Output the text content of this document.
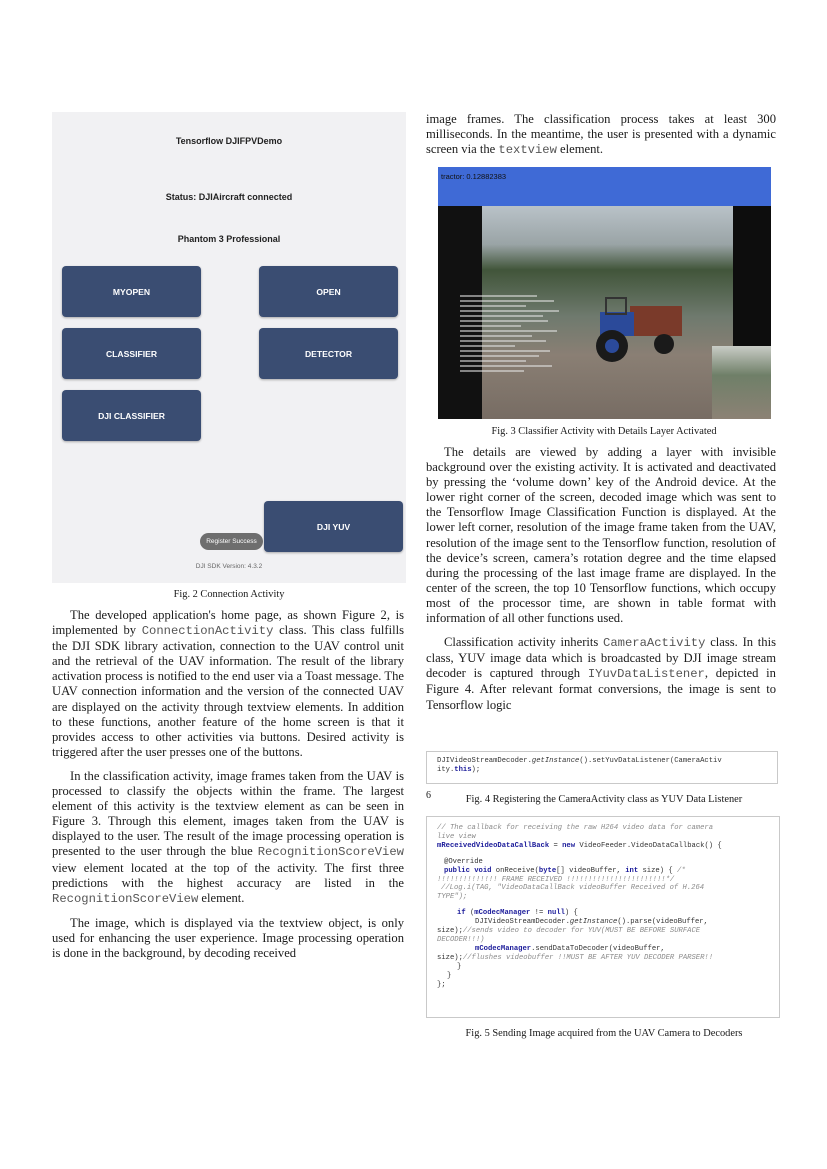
Tensorflow DJIFPVDemo
Status: DJIAircraft connected
Phantom 3 Professional
MYOPEN	OPEN
CLASSIFIER	DETECTOR
DJI CLASSIFIER
DJI YUV
Register Success
DJI SDK Version: 4.3.2
Fig. 2 Connection Activity

The developed application's home page, as shown Figure 2, is implemented by ConnectionActivity class. This class fulfills the DJI SDK library activation, connection to the UAV control unit and the retrieval of the UAV information. The result of the library activation process is notified to the end user via a Toast message. The UAV connection information and the version of the connected UAV are displayed on the activity through textview elements. In addition to these functions, another feature of the home screen is that it provides access to other activities via buttons. Desired activity is triggered after the user presses one of the buttons.

In the classification activity, image frames taken from the UAV is processed to classify the objects within the frame. The largest element of this activity is the textview element as can be seen in Figure 3. Through this element, images taken from the UAV is displayed to the user. The result of the image processing operation is presented to the user through the blue RecognitionScoreView view element located at the top of the activity. The first three predictions with the highest accuracy are listed in the RecognitionScoreView element.

The image, which is displayed via the textview object, is only used for enhancing the user experience. Image processing operation is done in the background, by decoding received

image frames. The classification process takes at least 300 milliseconds. In the meantime, the user is presented with a dynamic screen via the textview element.

tractor: 0.12882383
Fig. 3 Classifier Activity with Details Layer Activated

The details are viewed by adding a layer with invisible background over the existing activity. It is activated and deactivated by pressing the ‘volume down’ key of the Android device. At the lower right corner of the screen, decoded image which was sent to the Tensorflow Image Classification Function is displayed. At the lower left corner, resolution of the image frame taken from the UAV, resolution of the image sent to the Tensorflow function, resolution of the device’s screen, camera’s rotation degree and the time elapsed during the processing of the last image frame are displayed. In the center of the screen, the top 10 Tensorflow functions, which occupy most of the processor time, are shown in table format with information of all other functions used.

Classification activity inherits CameraActivity class. In this class, YUV image data which is broadcasted by DJI image stream decoder is captured through IYuvDataListener, depicted in Figure 4. After relevant format conversions, the image is sent to Tensorflow logic

DJIVideoStreamDecoder.getInstance().setYuvDataListener(CameraActiv
ity.this);
6	Fig. 4 Registering the CameraActivity class as YUV Data Listener
// The callback for receiving the raw H264 video data for camera
live view
mReceivedVideoDataCallBack = new VideoFeeder.VideoDataCallback() {
@Override
public void onReceive(byte[] videoBuffer, int size) { /*
!!!!!!!!!!!!!! FRAME RECEIVED !!!!!!!!!!!!!!!!!!!!!!!*/
//Log.i(TAG, "VideoDataCallBack videoBuffer Received of H.264
TYPE");
if (mCodecManager != null) {
DJIVideoStreamDecoder.getInstance().parse(videoBuffer,
size);//sends video to decoder for YUV(MUST BE BEFORE SURFACE
DECODER!!!)
mCodecManager.sendDataToDecoder(videoBuffer,
size);//flushes videobuffer !!MUST BE AFTER YUV DECODER PARSER!!
}
}
};
Fig. 5 Sending Image acquired from the UAV Camera to Decoders
